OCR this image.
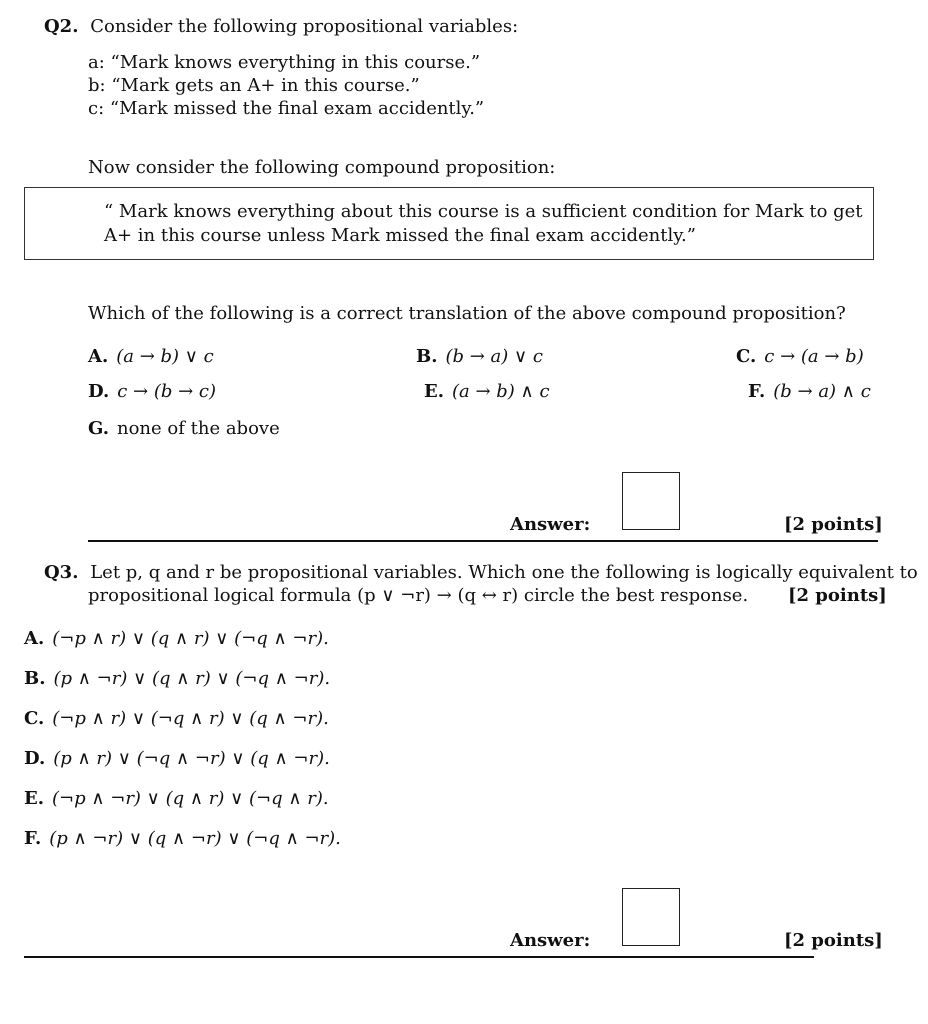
Q2. Consider the following propositional variables:
a: “Mark knows everything in this course.”
b: “Mark gets an A+ in this course.”
c: “Mark missed the final exam accidently.”
Now consider the following compound proposition:
“ Mark knows everything about this course is a sufficient condition for Mark to get A+ in this course unless Mark missed the final exam accidently.”
Which of the following is a correct translation of the above compound proposition?
A. (a → b) ∨ c	B. (b → a) ∨ c	C. c → (a → b)
D. c → (b → c)	E. (a → b) ∧ c	F. (b → a) ∧ c
G. none of the above
Answer:	[2 points]
Q3. Let p, q and r be propositional variables. Which one the following is logically equivalent to
propositional logical formula (p ∨ ¬r) → (q ↔ r) circle the best response. [2 points]
A. (¬p ∧ r) ∨ (q ∧ r) ∨ (¬q ∧ ¬r).
B. (p ∧ ¬r) ∨ (q ∧ r) ∨ (¬q ∧ ¬r).
C. (¬p ∧ r) ∨ (¬q ∧ r) ∨ (q ∧ ¬r).
D. (p ∧ r) ∨ (¬q ∧ ¬r) ∨ (q ∧ ¬r).
E. (¬p ∧ ¬r) ∨ (q ∧ r) ∨ (¬q ∧ r).
F. (p ∧ ¬r) ∨ (q ∧ ¬r) ∨ (¬q ∧ ¬r).
Answer:	[2 points]
